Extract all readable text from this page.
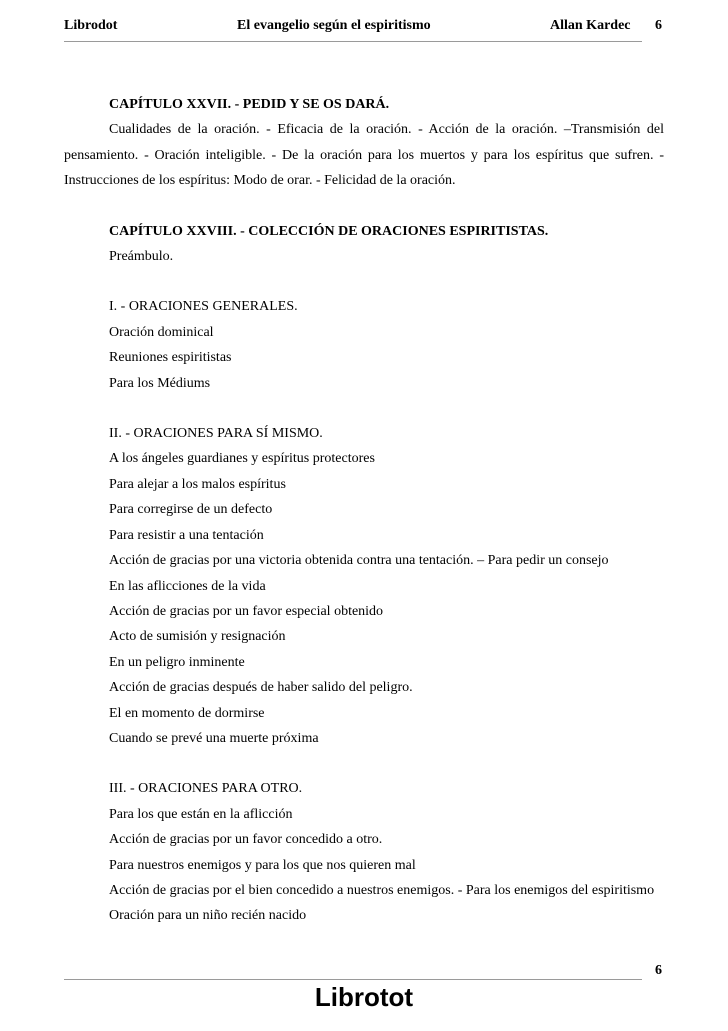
Librodot	El evangelio según el espiritismo	Allan Kardec 6

CAPÍTULO XXVII. - PEDID Y SE OS DARÁ.

Cualidades de la oración. - Eficacia de la oración. - Acción de la oración. –Transmisión del pensamiento. - Oración inteligible. - De la oración para los muertos y para los espíritus que sufren. - Instrucciones de los espíritus: Modo de orar. - Felicidad de la oración.

CAPÍTULO XXVIII. - COLECCIÓN DE ORACIONES ESPIRITISTAS.

Preámbulo.

I. - ORACIONES GENERALES.

Oración dominical

Reuniones espiritistas

Para los Médiums

II. - ORACIONES PARA SÍ MISMO.

A los ángeles guardianes y espíritus protectores

Para alejar a los malos espíritus

Para corregirse de un defecto

Para resistir a una tentación

Acción de gracias por una victoria obtenida contra una tentación. – Para pedir un consejo

En las aflicciones de la vida

Acción de gracias por un favor especial obtenido

Acto de sumisión y resignación

En un peligro inminente

Acción de gracias después de haber salido del peligro.

El en momento de dormirse

Cuando se prevé una muerte próxima

III. - ORACIONES PARA OTRO.

Para los que están en la aflicción

Acción de gracias por un favor concedido a otro.

Para nuestros enemigos y para los que nos quieren mal

Acción de gracias por el bien concedido a nuestros enemigos. - Para los enemigos del espiritismo

Oración para un niño recién nacido

6
Librotot
